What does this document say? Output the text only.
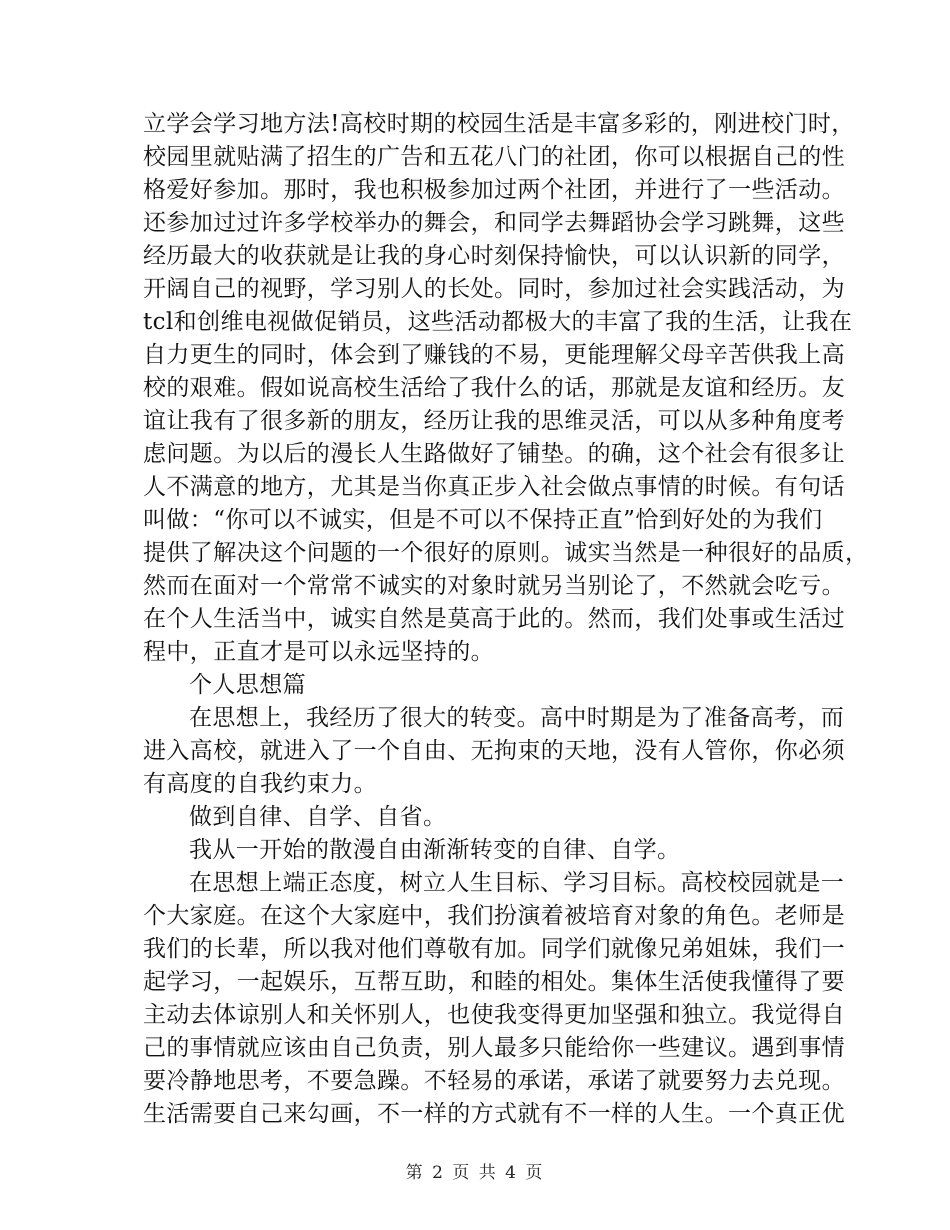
立学会学习地方法!高校时期的校园生活是丰富多彩的，刚进校门时，
校园里就贴满了招生的广告和五花八门的社团，你可以根据自己的性
格爱好参加。那时，我也积极参加过两个社团，并进行了一些活动。
还参加过过许多学校举办的舞会，和同学去舞蹈协会学习跳舞，这些
经历最大的收获就是让我的身心时刻保持愉快，可以认识新的同学，
开阔自己的视野，学习别人的长处。同时，参加过社会实践活动，为
tcl和创维电视做促销员，这些活动都极大的丰富了我的生活，让我在
自力更生的同时，体会到了赚钱的不易，更能理解父母辛苦供我上高
校的艰难。假如说高校生活给了我什么的话，那就是友谊和经历。友
谊让我有了很多新的朋友，经历让我的思维灵活，可以从多种角度考
虑问题。为以后的漫长人生路做好了铺垫。的确，这个社会有很多让
人不满意的地方，尤其是当你真正步入社会做点事情的时候。有句话
叫做：“你可以不诚实，但是不可以不保持正直”恰到好处的为我们
提供了解决这个问题的一个很好的原则。诚实当然是一种很好的品质，
然而在面对一个常常不诚实的对象时就另当别论了，不然就会吃亏。
在个人生活当中，诚实自然是莫高于此的。然而，我们处事或生活过
程中，正直才是可以永远坚持的。
个人思想篇
在思想上，我经历了很大的转变。高中时期是为了准备高考，而
进入高校，就进入了一个自由、无拘束的天地，没有人管你，你必须
有高度的自我约束力。
做到自律、自学、自省。
我从一开始的散漫自由渐渐转变的自律、自学。
在思想上端正态度，树立人生目标、学习目标。高校校园就是一
个大家庭。在这个大家庭中，我们扮演着被培育对象的角色。老师是
我们的长辈，所以我对他们尊敬有加。同学们就像兄弟姐妹，我们一
起学习，一起娱乐，互帮互助，和睦的相处。集体生活使我懂得了要
主动去体谅别人和关怀别人，也使我变得更加坚强和独立。我觉得自
己的事情就应该由自己负责，别人最多只能给你一些建议。遇到事情
要冷静地思考，不要急躁。不轻易的承诺，承诺了就要努力去兑现。
生活需要自己来勾画，不一样的方式就有不一样的人生。一个真正优
第 2 页 共 4 页
